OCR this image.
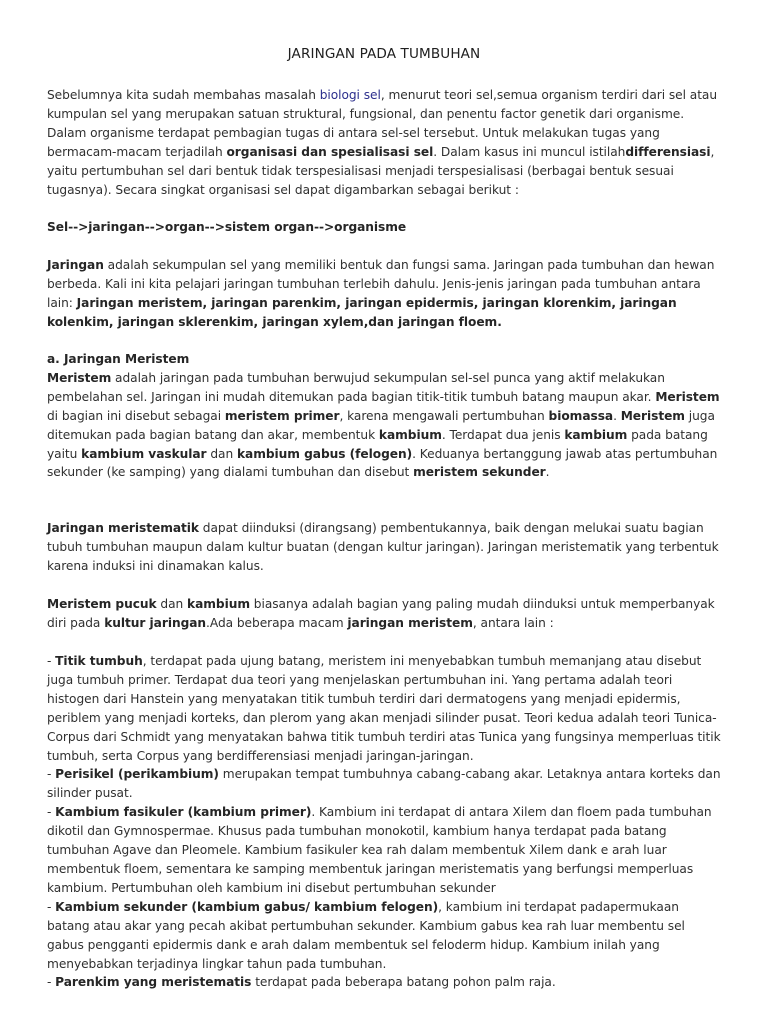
JARINGAN PADA TUMBUHAN

Sebelumnya kita sudah membahas masalah biologi sel, menurut teori sel,semua organism terdiri dari sel atau kumpulan sel yang merupakan satuan struktural, fungsional, dan penentu factor genetik dari organisme. Dalam organisme terdapat pembagian tugas di antara sel-sel tersebut. Untuk melakukan tugas yang bermacam-macam terjadilah organisasi dan spesialisasi sel. Dalam kasus ini muncul istilahdifferensiasi, yaitu pertumbuhan sel dari bentuk tidak terspesialisasi menjadi terspesialisasi (berbagai bentuk sesuai tugasnya). Secara singkat organisasi sel dapat digambarkan sebagai berikut :

Sel-->jaringan-->organ-->sistem organ-->organisme

Jaringan adalah sekumpulan sel yang memiliki bentuk dan fungsi sama. Jaringan pada tumbuhan dan hewan berbeda. Kali ini kita pelajari jaringan tumbuhan terlebih dahulu. Jenis-jenis jaringan pada tumbuhan antara lain: Jaringan meristem, jaringan parenkim, jaringan epidermis, jaringan klorenkim, jaringan kolenkim, jaringan sklerenkim, jaringan xylem,dan jaringan floem.

a. Jaringan Meristem
Meristem adalah jaringan pada tumbuhan berwujud sekumpulan sel-sel punca yang aktif melakukan pembelahan sel. Jaringan ini mudah ditemukan pada bagian titik-titik tumbuh batang maupun akar. Meristem di bagian ini disebut sebagai meristem primer, karena mengawali pertumbuhan biomassa. Meristem juga ditemukan pada bagian batang dan akar, membentuk kambium. Terdapat dua jenis kambium pada batang yaitu kambium vaskular dan kambium gabus (felogen). Keduanya bertanggung jawab atas pertumbuhan sekunder (ke samping) yang dialami tumbuhan dan disebut meristem sekunder.

Jaringan meristematik dapat diinduksi (dirangsang) pembentukannya, baik dengan melukai suatu bagian tubuh tumbuhan maupun dalam kultur buatan (dengan kultur jaringan). Jaringan meristematik yang terbentuk karena induksi ini dinamakan kalus.

Meristem pucuk dan kambium biasanya adalah bagian yang paling mudah diinduksi untuk memperbanyak diri pada kultur jaringan.Ada beberapa macam jaringan meristem, antara lain :

- Titik tumbuh, terdapat pada ujung batang, meristem ini menyebabkan tumbuh memanjang atau disebut juga tumbuh primer. Terdapat dua teori yang menjelaskan pertumbuhan ini. Yang pertama adalah teori histogen dari Hanstein yang menyatakan titik tumbuh terdiri dari dermatogens yang menjadi epidermis, periblem yang menjadi korteks, dan plerom yang akan menjadi silinder pusat. Teori kedua adalah teori Tunica-Corpus dari Schmidt yang menyatakan bahwa titik tumbuh terdiri atas Tunica yang fungsinya memperluas titik tumbuh, serta Corpus yang berdifferensiasi menjadi jaringan-jaringan.
- Perisikel (perikambium) merupakan tempat tumbuhnya cabang-cabang akar. Letaknya antara korteks dan silinder pusat.
- Kambium fasikuler (kambium primer). Kambium ini terdapat di antara Xilem dan floem pada tumbuhan dikotil dan Gymnospermae. Khusus pada tumbuhan monokotil, kambium hanya terdapat pada batang tumbuhan Agave dan Pleomele. Kambium fasikuler kea rah dalam membentuk Xilem dank e arah luar membentuk floem, sementara ke samping membentuk jaringan meristematis yang berfungsi memperluas kambium. Pertumbuhan oleh kambium ini disebut pertumbuhan sekunder
- Kambium sekunder (kambium gabus/ kambium felogen), kambium ini terdapat padapermukaan batang atau akar yang pecah akibat pertumbuhan sekunder. Kambium gabus kea rah luar membentu sel gabus pengganti epidermis dank e arah dalam membentuk sel feloderm hidup. Kambium inilah yang menyebabkan terjadinya lingkar tahun pada tumbuhan.
- Parenkim yang meristematis terdapat pada beberapa batang pohon palm raja.
